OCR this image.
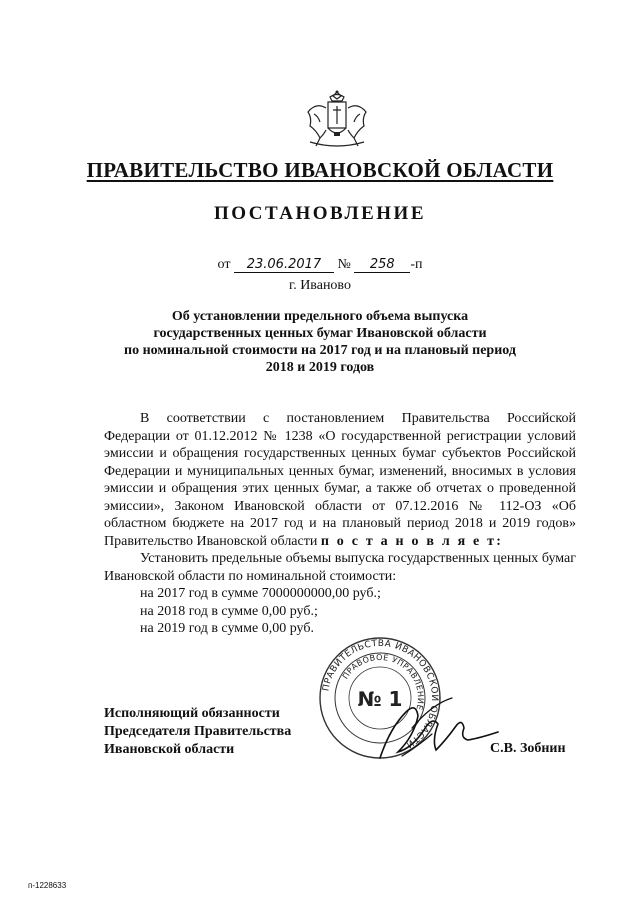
ПРАВИТЕЛЬСТВО ИВАНОВСКОЙ ОБЛАСТИ
ПОСТАНОВЛЕНИЕ
от 23.06.2017 № 258 -п
г. Иваново
Об установлении предельного объема выпуска
государственных ценных бумаг Ивановской области
по номинальной стоимости на 2017 год и на плановый период
2018 и 2019 годов

В соответствии с постановлением Правительства Российской Федерации от 01.12.2012 № 1238 «О государственной регистрации условий эмиссии и обращения государственных ценных бумаг субъектов Российской Федерации и муниципальных ценных бумаг, изменений, вносимых в условия эмиссии и обращения этих ценных бумаг, а также об отчетах о проведенной эмиссии», Законом Ивановской области от 07.12.2016 № 112-ОЗ «Об областном бюджете на 2017 год и на плановый период 2018 и 2019 годов» Правительство Ивановской области п о с т а н о в л я е т:

Установить предельные объемы выпуска государственных ценных бумаг Ивановской области по номинальной стоимости:

на 2017 год в сумме 7000000000,00 руб.;

на 2018 год в сумме 0,00 руб.;

на 2019 год в сумме 0,00 руб.

ПРАВИТЕЛЬСТВА ИВАНОВСКОЙ ОБЛАСТИ
ПРАВОВОЕ УПРАВЛЕНИЕ
№ 1
Исполняющий обязанности
Председателя Правительства
Ивановской области	С.В. Зобнин
п-1228633
